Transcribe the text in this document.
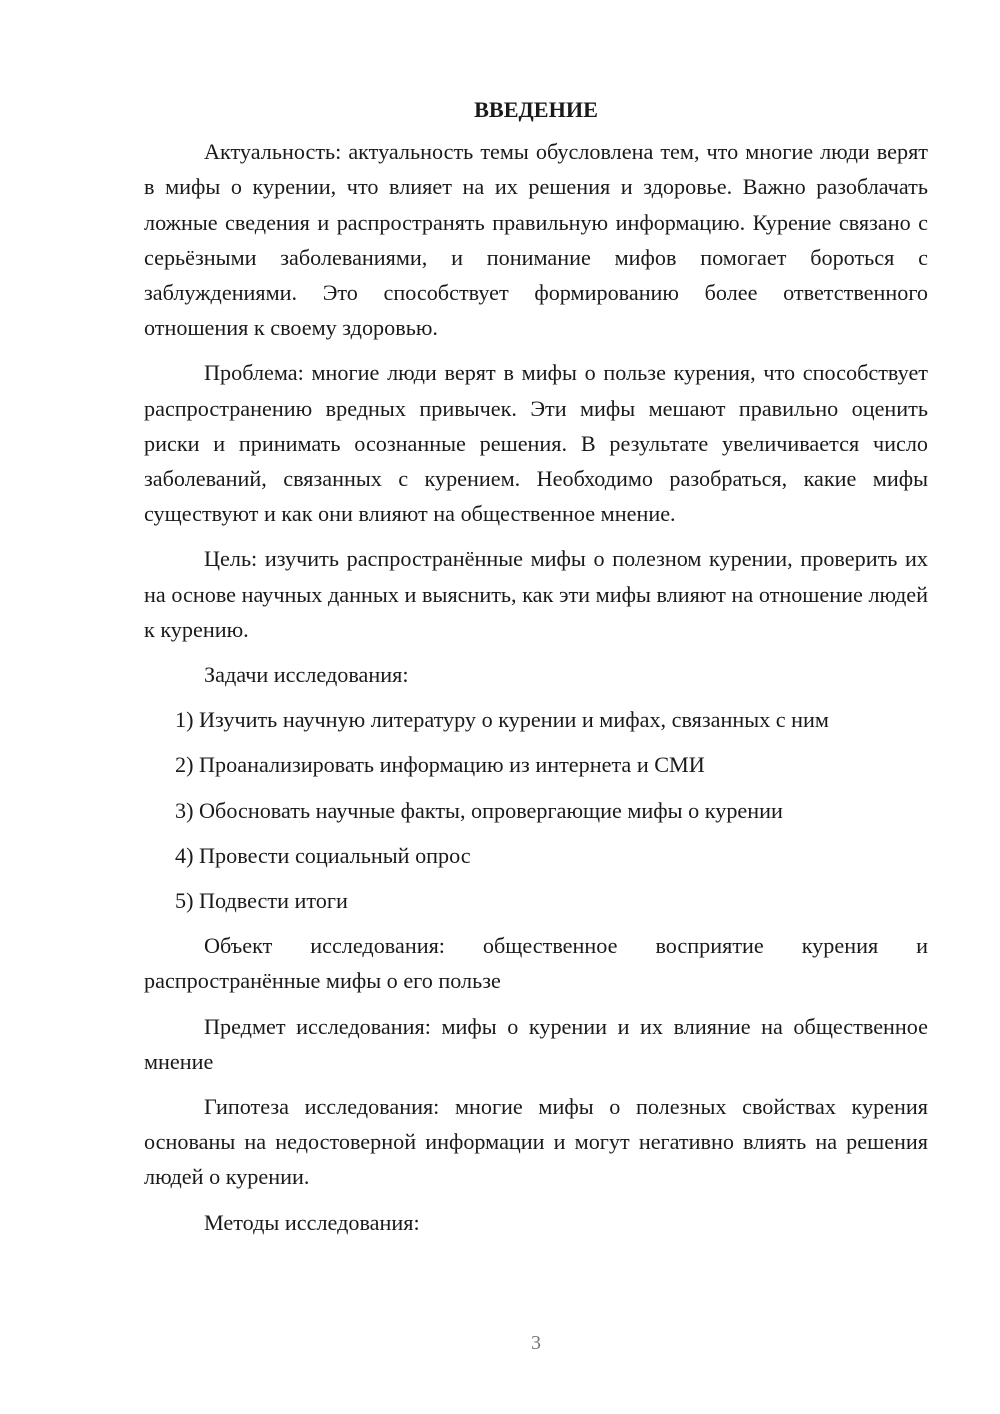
ВВЕДЕНИЕ
Актуальность: актуальность темы обусловлена тем, что многие люди верят в мифы о курении, что влияет на их решения и здоровье. Важно разоблачать ложные сведения и распространять правильную информацию. Курение связано с серьёзными заболеваниями, и понимание мифов помогает бороться с заблуждениями. Это способствует формированию более ответственного отношения к своему здоровью.
Проблема: многие люди верят в мифы о пользе курения, что способствует распространению вредных привычек. Эти мифы мешают правильно оценить риски и принимать осознанные решения. В результате увеличивается число заболеваний, связанных с курением. Необходимо разобраться, какие мифы существуют и как они влияют на общественное мнение.
Цель: изучить распространённые мифы о полезном курении, проверить их на основе научных данных и выяснить, как эти мифы влияют на отношение людей к курению.
Задачи исследования:
1) Изучить научную литературу о курении и мифах, связанных с ним
2) Проанализировать информацию из интернета и СМИ
3) Обосновать научные факты, опровергающие мифы о курении
4) Провести социальный опрос
5) Подвести итоги
Объект исследования: общественное восприятие курения и распространённые мифы о его пользе
Предмет исследования: мифы о курении и их влияние на общественное мнение
Гипотеза исследования: многие мифы о полезных свойствах курения основаны на недостоверной информации и могут негативно влиять на решения людей о курении.
Методы исследования:
3
